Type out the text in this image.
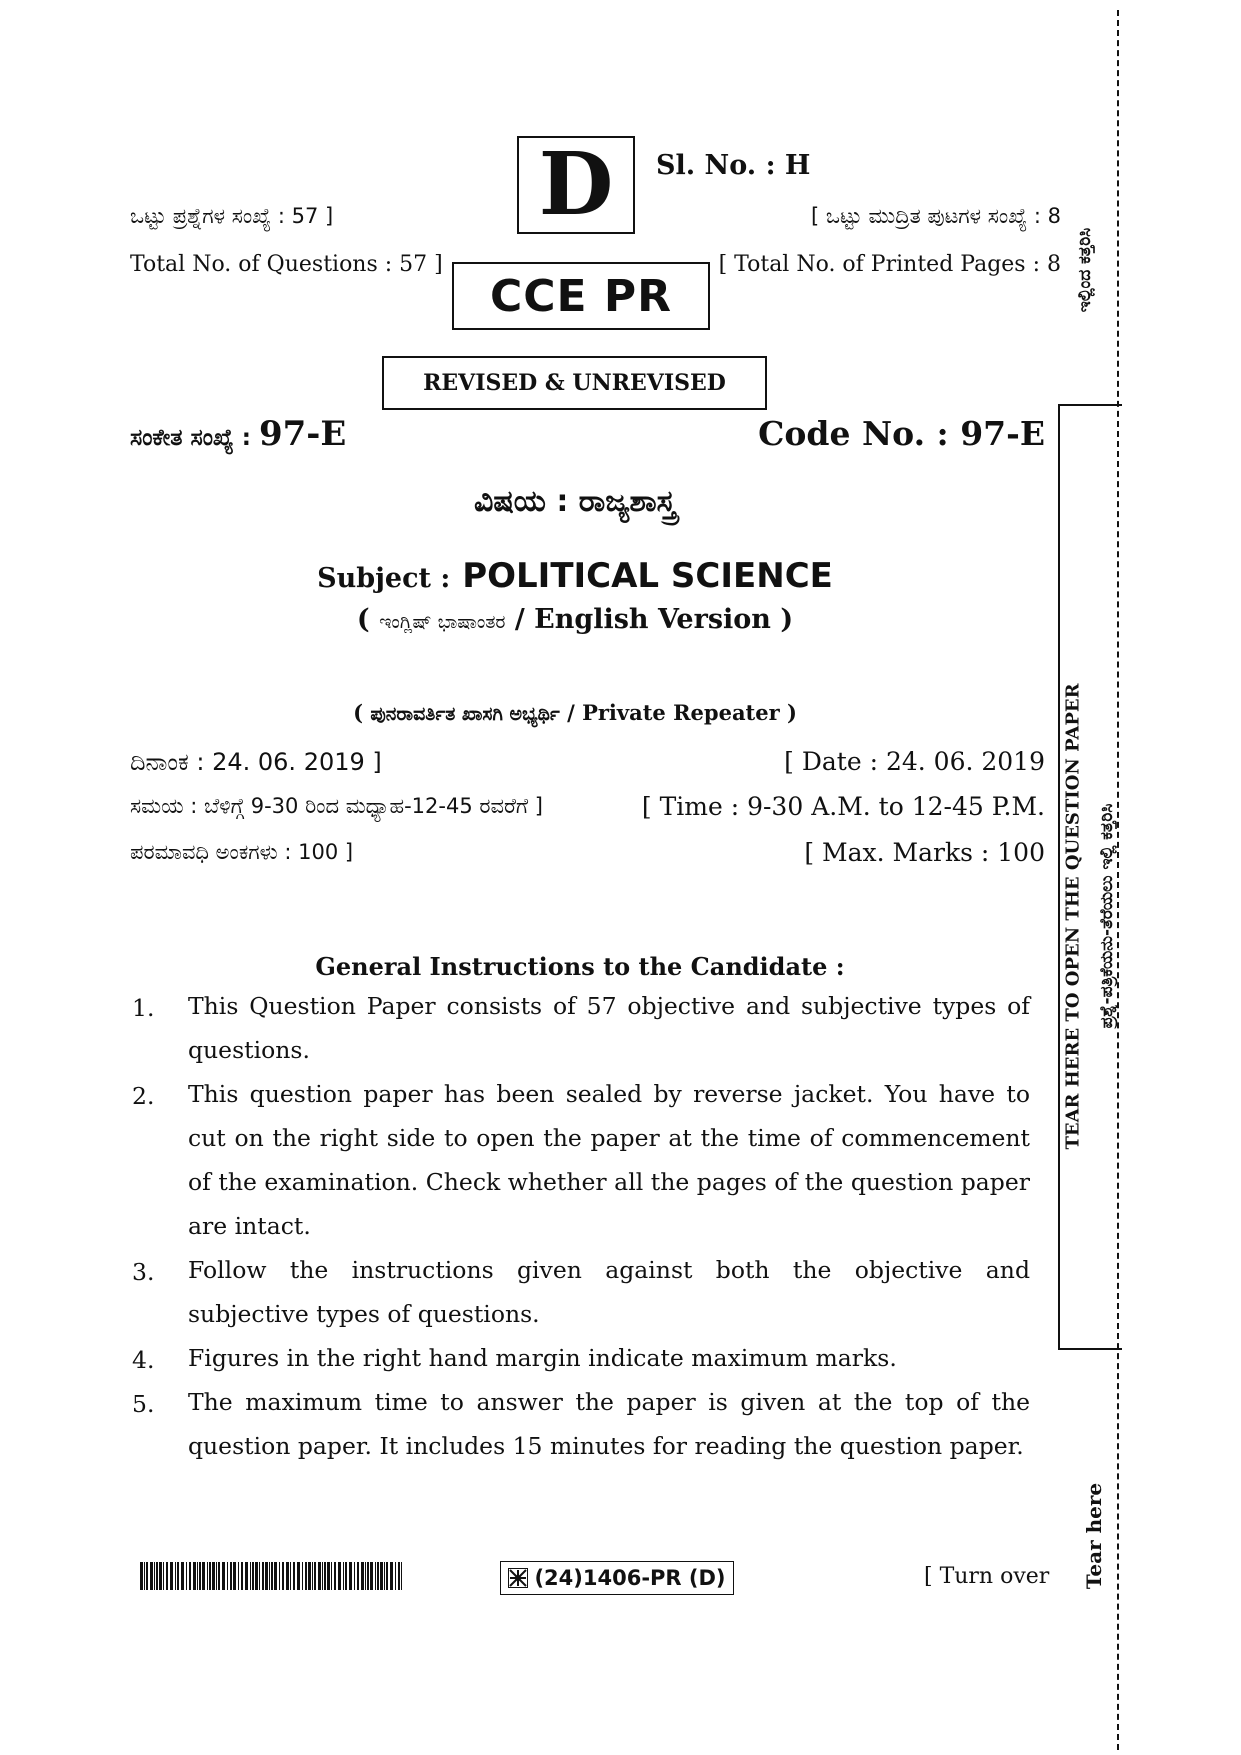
D Sl. No. : H
ಒಟ್ಟು ಪ್ರಶ್ನೆಗಳ ಸಂಖ್ಯೆ : 57 ]	[ ಒಟ್ಟು ಮುದ್ರಿತ ಪುಟಗಳ ಸಂಖ್ಯೆ : 8
Total No. of Questions : 57 ]	[ Total No. of Printed Pages : 8
CCE PR
REVISED & UNREVISED
ಸಂಕೇತ ಸಂಖ್ಯೆ : 97-E	Code No. : 97-E
ವಿಷಯ : ರಾಜ್ಯಶಾಸ್ತ್ರ
Subject : POLITICAL SCIENCE
( ಇಂಗ್ಲಿಷ್ ಭಾಷಾಂತರ / English Version )
( ಪುನರಾವರ್ತಿತ ಖಾಸಗಿ ಅಭ್ಯರ್ಥಿ / Private Repeater )
ದಿನಾಂಕ : 24. 06. 2019 ]	[ Date : 24. 06. 2019
ಸಮಯ : ಬೆಳಿಗ್ಗೆ 9-30 ರಿಂದ ಮಧ್ಯಾಹ-12-45 ರವರೆಗೆ ]	[ Time : 9-30 A.M. to 12-45 P.M.
ಪರಮಾವಧಿ ಅಂಕಗಳು : 100 ]	[ Max. Marks : 100
General Instructions to the Candidate :
1. This Question Paper consists of 57 objective and subjective types of questions.
2. This question paper has been sealed by reverse jacket. You have to cut on the right side to open the paper at the time of commencement of the examination. Check whether all the pages of the question paper are intact.
3. Follow the instructions given against both the objective and subjective types of questions.
4. Figures in the right hand margin indicate maximum marks.
5. The maximum time to answer the paper is given at the top of the question paper. It includes 15 minutes for reading the question paper.
(24)1406-PR (D)	[ Turn over
TEAR HERE TO OPEN THE QUESTION PAPER ಪ್ರಶ್ನೆ-ಪತ್ರಿಕೆಯನು-ತೆರೆಯಲು ಇಲ್ಲಿ ಕತ್ತರಿಸಿ
ಇಲ್ಲಿಂದ ಕತ್ತರಿಸಿ
Tear here
